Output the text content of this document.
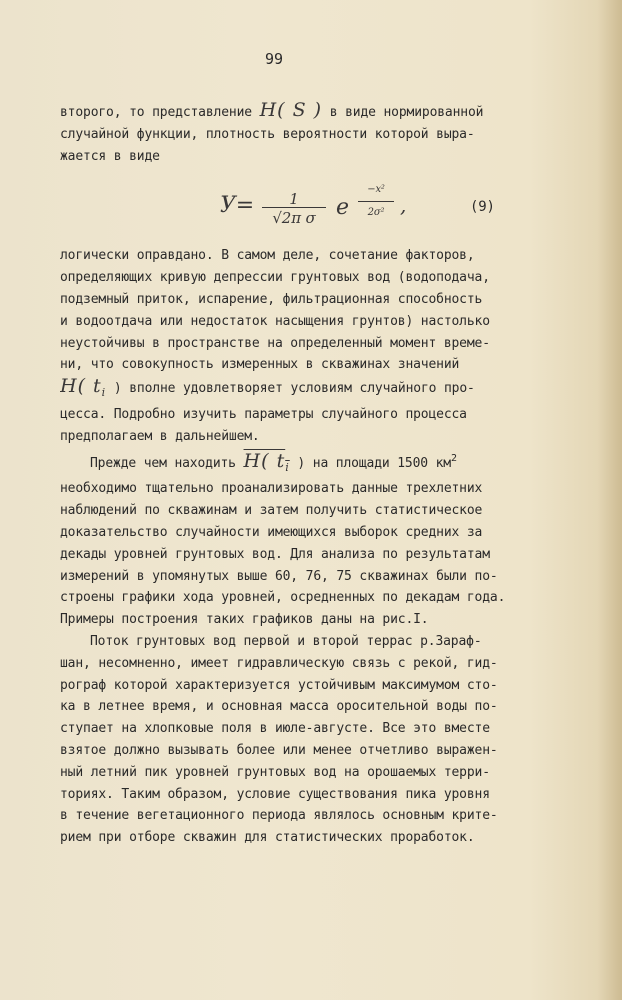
99
второго, то представление H( S ) в виде нормированной
случайной функции, плотность вероятности которой выра-
жается в виде
У=	1
√2π σ e
−x²
2σ² ,	(9)
логически оправдано. В самом деле, сочетание факторов,
определяющих кривую депрессии грунтовых вод (водоподача,
подземный приток, испарение, фильтрационная способность
и водоотдача или недостаток насыщения грунтов) настолько
неустойчивы в пространстве на определенный момент време-
ни, что совокупность измеренных в скважинах значений
H( $t_i$ ) вполне удовлетворяет условиям случайного про-
цесса. Подробно изучить параметры случайного процесса
предполагаем в дальнейшем.
Прежде чем находить H( $t_i$ ) на площади 1500 $км^2$
необходимо тщательно проанализировать данные трехлетних
наблюдений по скважинам и затем получить статистическое
доказательство случайности имеющихся выборок средних за
декады уровней грунтовых вод. Для анализа по результатам
измерений в упомянутых выше 60, 76, 75 скважинах были по-
строены графики хода уровней, осредненных по декадам года.
Примеры построения таких графиков даны на рис.I.
Поток грунтовых вод первой и второй террас р.Зараф-
шан, несомненно, имеет гидравлическую связь с рекой, гид-
рограф которой характеризуется устойчивым максимумом сто-
ка в летнее время, и основная масса оросительной воды по-
ступает на хлопковые поля в июле-августе. Все это вместе
взятое должно вызывать более или менее отчетливо выражен-
ный летний пик уровней грунтовых вод на орошаемых терри-
ториях. Таким образом, условие существования пика уровня
в течение вегетационного периода являлось основным крите-
рием при отборе скважин для статистических проработок.
